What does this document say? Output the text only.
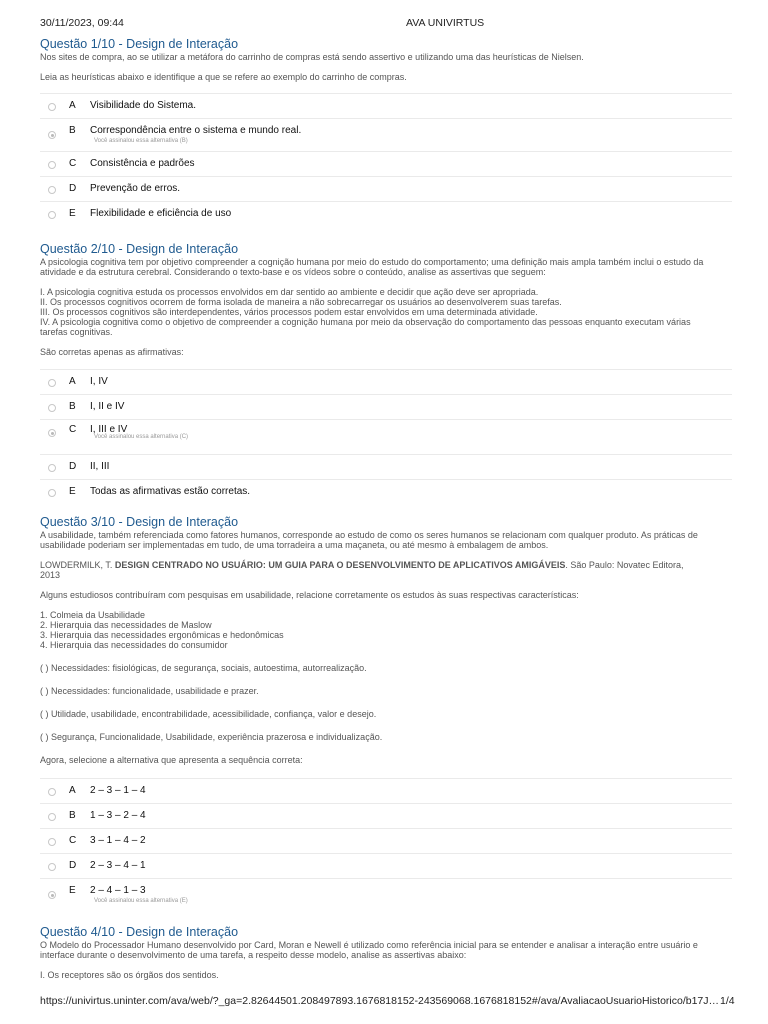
30/11/2023, 09:44	AVA UNIVIRTUS
https://univirtus.uninter.com/ava/web/?_ga=2.82644501.208497893.1676818152-243569068.1676818152#/ava/AvaliacaoUsuarioHistorico/b17J… 1/4
Questão 1/10 - Design de Interação

Nos sites de compra, ao se utilizar a metáfora do carrinho de compras está sendo assertivo e utilizando uma das heurísticas de Nielsen.

Leia as heurísticas abaixo e identifique a que se refere ao exemplo do carrinho de compras.

A Visibilidade do Sistema.
B Correspondência entre o sistema e mundo real.
Você assinalou essa alternativa (B)
C Consistência e padrões
D Prevenção de erros.
E Flexibilidade e eficiência de uso
Questão 2/10 - Design de Interação

A psicologia cognitiva tem por objetivo compreender a cognição humana por meio do estudo do comportamento; uma definição mais ampla também inclui o estudo da

atividade e da estrutura cerebral. Considerando o texto-base e os vídeos sobre o conteúdo, analise as assertivas que seguem:

I. A psicologia cognitiva estuda os processos envolvidos em dar sentido ao ambiente e decidir que ação deve ser apropriada.

II. Os processos cognitivos ocorrem de forma isolada de maneira a não sobrecarregar os usuários ao desenvolverem suas tarefas.

III. Os processos cognitivos são interdependentes, vários processos podem estar envolvidos em uma determinada atividade.

IV. A psicologia cognitiva como o objetivo de compreender a cognição humana por meio da observação do comportamento das pessoas enquanto executam várias

tarefas cognitivas.

São corretas apenas as afirmativas:

A I, IV
B I, II e IV
C I, III e IV
Você assinalou essa alternativa (C)
D II, III
E Todas as afirmativas estão corretas.
Questão 3/10 - Design de Interação

A usabilidade, também referenciada como fatores humanos, corresponde ao estudo de como os seres humanos se relacionam com qualquer produto. As práticas de

usabilidade poderiam ser implementadas em tudo, de uma torradeira a uma maçaneta, ou até mesmo à embalagem de ambos.

LOWDERMILK, T. DESIGN CENTRADO NO USUÁRIO: UM GUIA PARA O DESENVOLVIMENTO DE APLICATIVOS AMIGÁVEIS. São Paulo: Novatec Editora,

2013

Alguns estudiosos contribuíram com pesquisas em usabilidade, relacione corretamente os estudos às suas respectivas características:

1. Colmeia da Usabilidade

2. Hierarquia das necessidades de Maslow

3. Hierarquia das necessidades ergonômicas e hedonômicas

4. Hierarquia das necessidades do consumidor

( ) Necessidades: fisiológicas, de segurança, sociais, autoestima, autorrealização.

( ) Necessidades: funcionalidade, usabilidade e prazer.

( ) Utilidade, usabilidade, encontrabilidade, acessibilidade, confiança, valor e desejo.

( ) Segurança, Funcionalidade, Usabilidade, experiência prazerosa e individualização.

Agora, selecione a alternativa que apresenta a sequência correta:

A 2 – 3 – 1 – 4
B 1 – 3 – 2 – 4
C 3 – 1 – 4 – 2
D 2 – 3 – 4 – 1
E 2 – 4 – 1 – 3
Você assinalou essa alternativa (E)
Questão 4/10 - Design de Interação

O Modelo do Processador Humano desenvolvido por Card, Moran e Newell é utilizado como referência inicial para se entender e analisar a interação entre usuário e

interface durante o desenvolvimento de uma tarefa, a respeito desse modelo, analise as assertivas abaixo:

I. Os receptores são os órgãos dos sentidos.
